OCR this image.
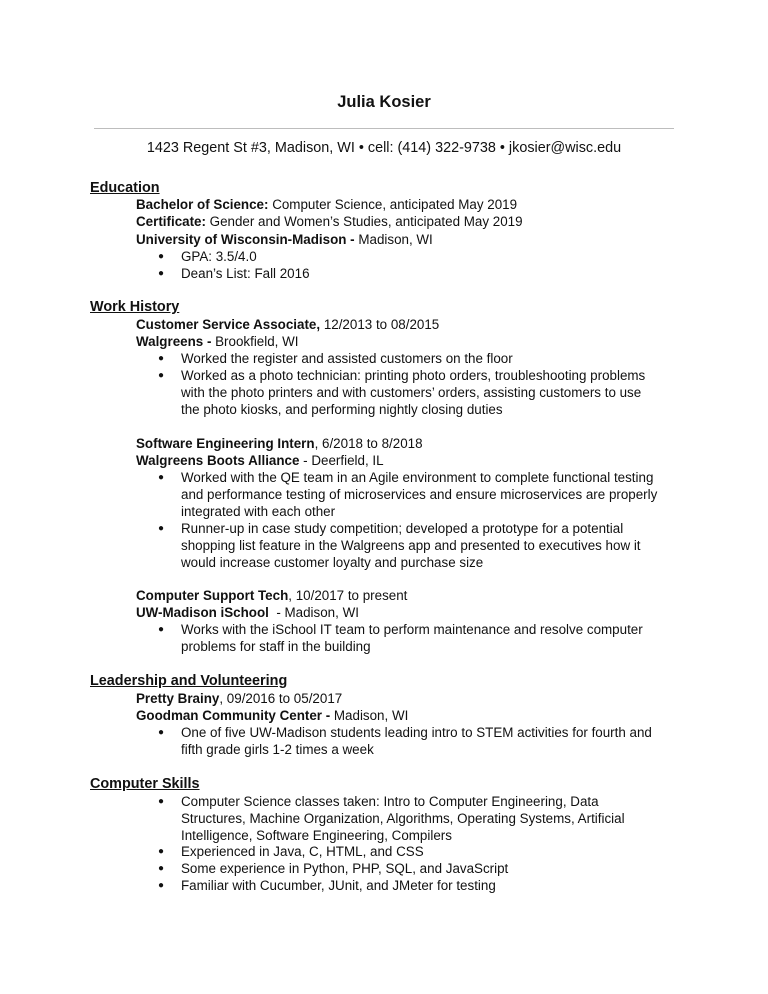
Julia Kosier
1423 Regent St #3, Madison, WI • cell: (414) 322-9738 • jkosier@wisc.edu
Education
Bachelor of Science: Computer Science, anticipated May 2019
Certificate: Gender and Women’s Studies, anticipated May 2019
University of Wisconsin-Madison - Madison, WI
● GPA: 3.5/4.0
● Dean’s List: Fall 2016
Work History
Customer Service Associate, 12/2013 to 08/2015
Walgreens - Brookfield, WI
● Worked the register and assisted customers on the floor
● Worked as a photo technician: printing photo orders, troubleshooting problems
with the photo printers and with customers’ orders, assisting customers to use
the photo kiosks, and performing nightly closing duties
Software Engineering Intern, 6/2018 to 8/2018
Walgreens Boots Alliance - Deerfield, IL
● Worked with the QE team in an Agile environment to complete functional testing
and performance testing of microservices and ensure microservices are properly
integrated with each other
● Runner-up in case study competition; developed a prototype for a potential
shopping list feature in the Walgreens app and presented to executives how it
would increase customer loyalty and purchase size
Computer Support Tech, 10/2017 to present
UW-Madison iSchool  - Madison, WI
● Works with the iSchool IT team to perform maintenance and resolve computer
problems for staff in the building
Leadership and Volunteering
Pretty Brainy, 09/2016 to 05/2017
Goodman Community Center - Madison, WI
● One of five UW-Madison students leading intro to STEM activities for fourth and
fifth grade girls 1-2 times a week
Computer Skills
● Computer Science classes taken: Intro to Computer Engineering, Data
Structures, Machine Organization, Algorithms, Operating Systems, Artificial
Intelligence, Software Engineering, Compilers
● Experienced in Java, C, HTML, and CSS
● Some experience in Python, PHP, SQL, and JavaScript
● Familiar with Cucumber, JUnit, and JMeter for testing
